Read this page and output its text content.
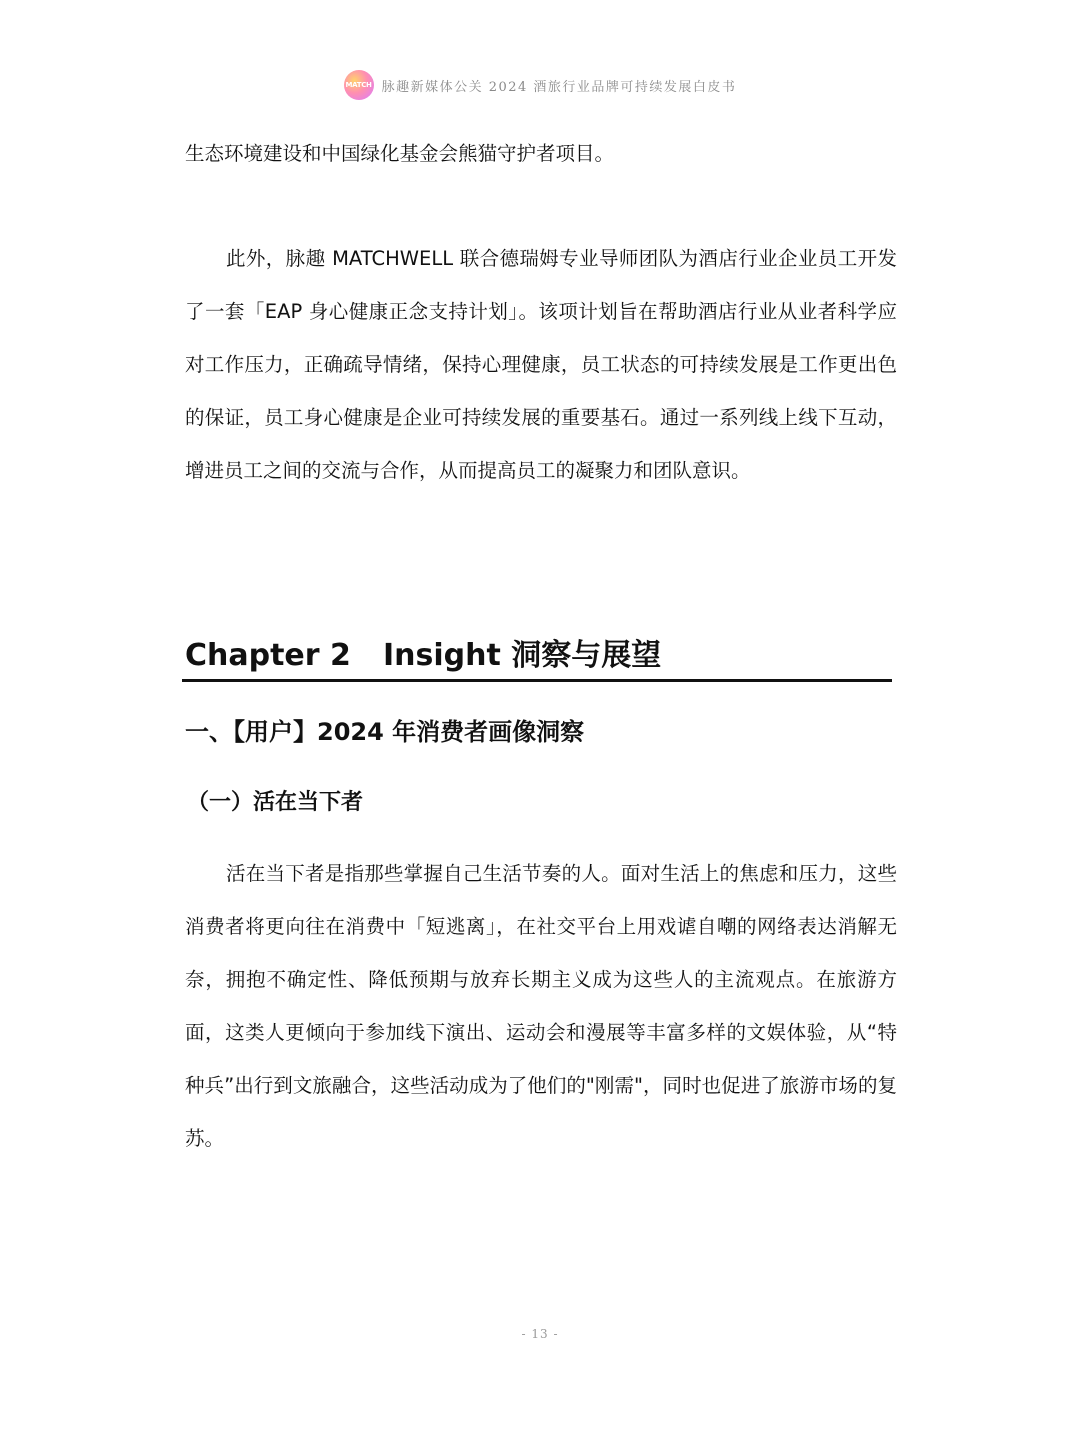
MATCH 脉趣新媒体公关 2024 酒旅行业品牌可持续发展白皮书

生态环境建设和中国绿化基金会熊猫守护者项目。

此外，脉趣 MATCHWELL 联合德瑞姆专业导师团队为酒店行业企业员工开发了一套「EAP 身心健康正念支持计划」。该项计划旨在帮助酒店行业从业者科学应对工作压力，正确疏导情绪，保持心理健康，员工状态的可持续发展是工作更出色的保证，员工身心健康是企业可持续发展的重要基石。通过一系列线上线下互动，增进员工之间的交流与合作，从而提高员工的凝聚力和团队意识。

Chapter 2 Insight 洞察与展望
一、【用户】2024 年消费者画像洞察
（一）活在当下者

活在当下者是指那些掌握自己生活节奏的人。面对生活上的焦虑和压力，这些消费者将更向往在消费中「短逃离」，在社交平台上用戏谑自嘲的网络表达消解无奈，拥抱不确定性、降低预期与放弃长期主义成为这些人的主流观点。在旅游方面，这类人更倾向于参加线下演出、运动会和漫展等丰富多样的文娱体验，从“特种兵”出行到文旅融合，这些活动成为了他们的"刚需"，同时也促进了旅游市场的复苏。

- 13 -
